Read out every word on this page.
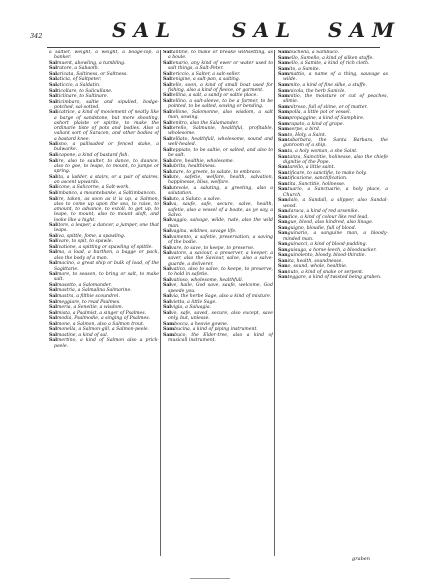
342	SAL	SAL SAM

a saltier, weight, a weight, a boage-lop, a banker.

Salmuent, abowling, a tumbling.

Salratore, a Sabaoth.

Salaricata, Saltiness, or Saltness.

Salaticia, of Saltpeter.

Salaticcio, a Saldatin.

Salticollare, to Salicullane.

Salticlinare, to Saltinare.

Salticimbaro, saltie and sipulied, bodge-potched, sal-sotted.

Salicatrice, a kind of moviement of neatly like a barge of sandstone, but more shooting, ashort plaiste or spirite, to make the ordinarie tiste of pots and bodies. Also a valiant sort of Saracen, and other bodies of a bastard knee.

Salisno, a pallisaded or fenced stake, a bulwarke.

Salicapone, a kind of bastard fish.

Salire, also to saulter, to dance, to daunce, also to goe, to leape, to mount, to jumpe or spring.

Salita, a ladder, a stairs, or a pair of staires, an ascent upwards.

Salicone, a Salicorne, a Salt-work.

Salimbanco, a mountebanke, a Saltimbancon.

Salire, taken, as soon as it is up, a Salmon, also to come up upon the sea, to raise, to amount, to advance, to extoll, to get up, to leape, to mount, also to mount aloft, and looke like a hight.

Salitore, a leaper, a dancer, a jumper, one that leaps.

Saliva, spittle, fome, a spawling.

Salivare, to spit, to spawle.

Salivatione, a spitting or spawling of spittle.

Salma, a load, a burthen, a bagge or pack, also the body of a man.

Salmacino, a great ship or bulk of load, of the Sagittarie.

Salmare, to season, to bring or salt, to make salt.

Salmasetto, a Salomander.

Salmastria, a Salmalina Salmarine.

Salmastra, a filthie scoundrel.

Salmeggiare, to read Psalmes.

Salmeria, a Seneitie, a wisdom.

Salmista, a Psalmist, a singer of Psalmes.

Salmodia, Psalmodie, a singing of Psalmes.

Salmone, a Salmon, also a Salmon trout.

Salmonella, a Salmon-gill, a Salmon-peele.

Salmastine, a kind of sal.

Salmertino, a kind of Salmon also a prick-peele.

Saltantine, to make or breake withsetting, as a boule.

Saltenario, any kind of ewer or water used to salt things, a Salt-Peter.

Saltericcio, a Salter, a salt-seller.

Saltenigine, a salt-pan, a salting.

Saltello, soon, a kind of small boat used for fishing, also a kind of fleece, or garment.

Saltellina, a salt, a sandy or saltie place.

Saltellino, a salt-sleeve, to be a farmer, to be pointed, to be salted, sowing or bending.

Saltellone, Salomonne, also wisdom, a salt man, sowing.

Saltenitro, also the Salamander.

Salterello, Salmunie, healthful, profitable, wholesome.

Saltelliato, healthfull, wholesome, sound and well-healed.

Salteppiato, to be saltie, or salted, and also to be salt.

Salubre, healthie, wholesome.

Salubrita, healthiness.

Salutare, to greete, to salute, to embrace.

Salute, safetie, welfare, health, salvation, happinesse, bliss, welfare.

Salutevole, a saluting, a greeting, also a salutation.

Saluto, a Saluto, a salve.

Salva, saufe, safe, secure, salve, health, safetie, also a vessel of a boate, as ye say, a Salvo.

Salvaggio, salvage, wilde, rude, also the wild man.

Salvagina, wildnes, savage life.

Salvamento, a safetie, preservation, a saving of the bodie.

Salvare, to save, to keepe, to preserve.

Salvatore, a saviour, a preserver, a keeper, a saver, also the Saviour, salve, also a salve-guarde, a deliverer.

Salvatico, also to salve, to keepe, to preserve, to hold in safetie.

Salvatioso, wholesome, healthfull.

Salve, haile, God save, saufe, welcome, God speede you.

Salvia, the herbe Sage, also a kind of mixture.

Salvietta, a little Sage.

Salvigia, a Saluagia.

Salvo, safe, saved, secure, also except, save only, but, unlesse.

Sambocca, a heavie gowne.

Sambucina, a kind of piping instrument.

Sambuco, the Elder-tree, also a kind of musicall instrument.

Sambuchella, a Sambuco.

Samello, Samello, a kind of silken stuffe.

Samello, a Samite, a kind of rich cloth.

Samito, a Samite.

Sammattio, a name of a thing, sauvage as wilde.

Sammito, a kind of fine silke, a stuffe.

Samnicola, the herb Sanicle.

Samnitio, the moisture or cut of peaches, slimie.

Samnitroso, full of slime, or of matter.

Sampolla, a little pot or vessel.

Sampropaggine, a kind of Samphire.

Samrapato, a kind of grape.

Samserpe, a bird.

Santo, Holy, a Saint.

Santabarbara, the Santa Barbara, the gunroom of a ship.

Santa, a holy woman, a she Saint.

Santanza, Sainctitie, holinesse, also the chiefe dignitie of the Pope.

Santarello, a little saint.

Santificare, to sanctifie, to make holy.

Santificazione, sanctification.

Santita, Sanctitie, holinesse.

Santuario, a Sanctuarie, a holy place, a Church.

Sandalo, a Sandall, a slipper, also Sandal-wood.

Sandaraca, a kind of red arsenike.

Sandice, a kind of colour like red lead.

Sangue, blood, also kindred, also linage.

Sanguigno, bloudie, full of blood.

Sanguinario, a sanguine man, a bloody-minded man.

Sanguinacci, a kind of blood-pudding.

Sanguisuga, a horse-leech, a bloodsucker.

Sanguinolento, bloody, blood-thirstie.

Sanita, health, soundnesse.

Sano, sound, whole, healthie.

Sannuto, a kind of snake or serpent.

Santeggare, a kind of twisted being graben.

graben
